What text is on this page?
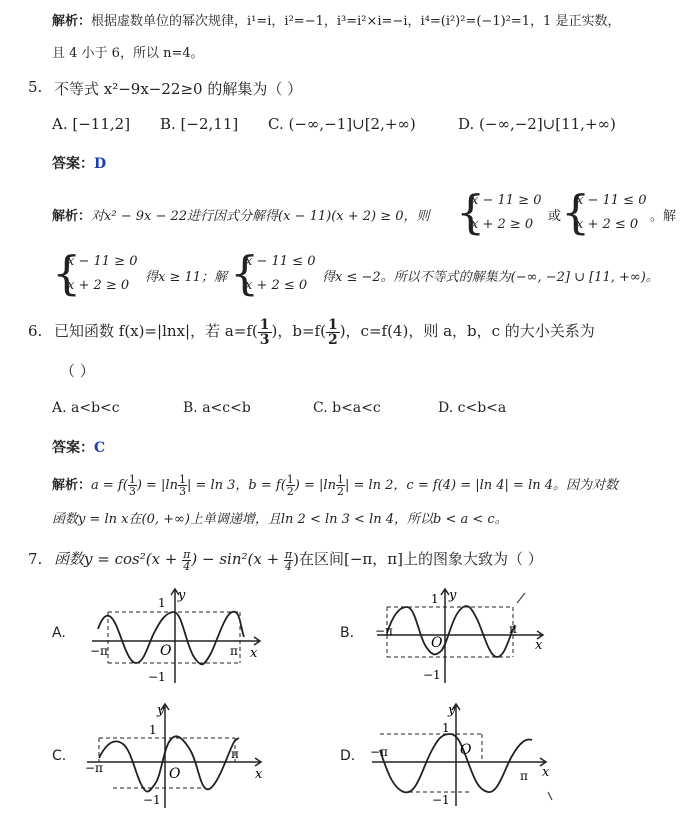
解析：根据虚数单位的幂次规律，i¹=i，i²=−1，i³=i²×i=−i，i⁴=(i²)²=(−1)²=1，1 是正实数，
且 4 小于 6，所以 n=4。
5. 不等式 x²−9x−22≥0 的解集为（ ）
A. [−11,2] B. [−2,11] C. (−∞,−1]∪[2,+∞)	D. (−∞,−2]∪[11,+∞)
答案：D
解析：对x² − 9x − 22进行因式分解得(x − 11)(x + 2) ≥ 0，则 {
x − 11 ≥ 0
x + 2 ≥ 0
或 {
x − 11 ≤ 0
x + 2 ≤ 0
。解
{
x − 11 ≥ 0
x + 2 ≥ 0
得x ≥ 11；解 {
x − 11 ≤ 0
x + 2 ≤ 0
得x ≤ −2。所以不等式的解集为(−∞, −2] ∪ [11, +∞)。
6. 已知函数 f(x)=|lnx|，若 $a=f( \frac{1}{3}$ )，$b=f( \frac{1}{2}$ )，c=f(4)，则 a，b，c 的大小关系为
（ ）
A. a<b<c	B. a<c<b	C. b<a<c	D. c<b<a
答案：C
解析：$a = f( \frac{1}{3}$ ) = $|\ln \frac{1}{3}$ | = ln 3，$b = f( \frac{1}{2}$ ) = $|\ln \frac{1}{2}$ | = ln 2，c = f(4) = |ln 4| = ln 4。因为对数
函数y = ln x在(0, +∞)上单调递增，且ln 2 < ln 3 < ln 4，所以b < a < c。
7. 函数$y = \cos^2(x + \frac{\pi}{4}$ ) − $\sin^2(x + \frac{\pi}{4}$ )在区间[−π，π]上的图象大致为（ ）
A.	B.
C.	D.
1 y
x
O
−1
−π	π
1 y
x
O
−1
−π	π
1
y
x
O
−1
−π
π
1
y
x
O
−1
−π
π
